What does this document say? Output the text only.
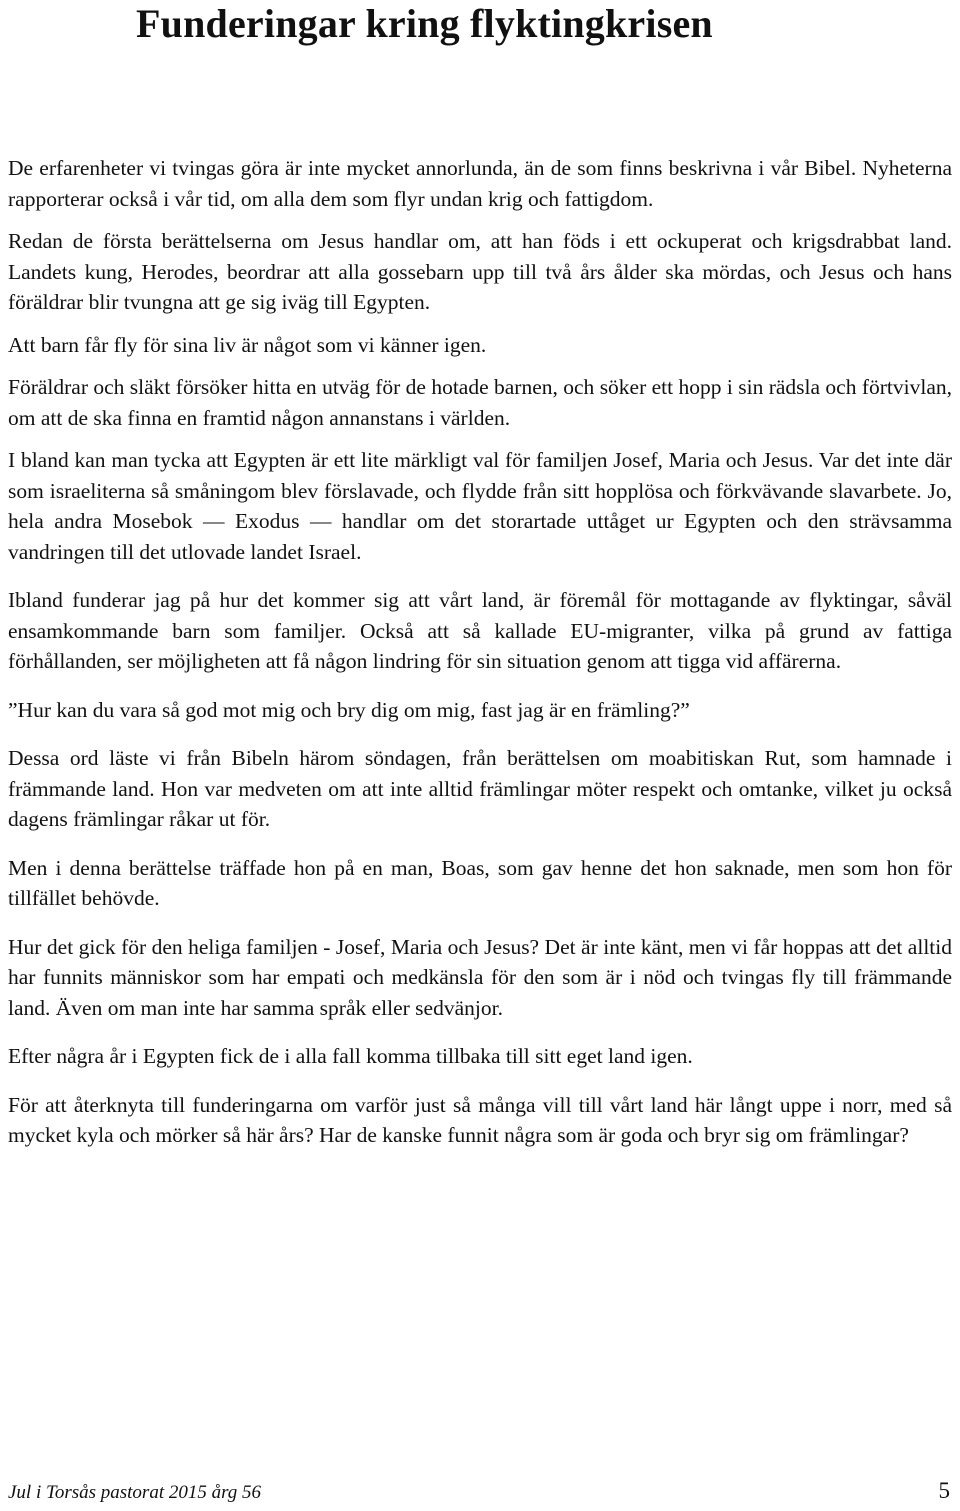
Funderingar kring flyktingkrisen

De erfarenheter vi tvingas göra är inte mycket annorlunda, än de som finns beskrivna i vår Bibel. Nyheterna rapporterar också i vår tid, om alla dem som flyr undan krig och fattigdom.

Redan de första berättelserna om Jesus handlar om, att han föds i ett ockuperat och krigsdrabbat land. Landets kung, Herodes, beordrar att alla gossebarn upp till två års ålder ska mördas, och Jesus och hans föräldrar blir tvungna att ge sig iväg till Egypten.

Att barn får fly för sina liv är något som vi känner igen.

Föräldrar och släkt försöker hitta en utväg för de hotade barnen, och söker ett hopp i sin rädsla och förtvivlan, om att de ska finna en framtid någon annanstans i världen.

I bland kan man tycka att Egypten är ett lite märkligt val för familjen Josef, Maria och Jesus. Var det inte där som israeliterna så småningom blev förslavade, och flydde från sitt hopplösa och förkvävande slavarbete. Jo, hela andra Mosebok — Exodus — handlar om det storartade uttåget ur Egypten och den strävsamma vandringen till det utlovade landet Israel.

Ibland funderar jag på hur det kommer sig att vårt land, är föremål för mottagande av flyktingar, såväl ensamkommande barn som familjer. Också att så kallade EU-migranter, vilka på grund av fattiga förhållanden, ser möjligheten att få någon lindring för sin situation genom att tigga vid affärerna.

”Hur kan du vara så god mot mig och bry dig om mig, fast jag är en främling?”

Dessa ord läste vi från Bibeln härom söndagen, från berättelsen om moabitiskan Rut, som hamnade i främmande land. Hon var medveten om att inte alltid främlingar möter respekt och omtanke, vilket ju också dagens främlingar råkar ut för.

Men i denna berättelse träffade hon på en man, Boas, som gav henne det hon saknade, men som hon för tillfället behövde.

Hur det gick för den heliga familjen - Josef, Maria och Jesus? Det är inte känt, men vi får hoppas att det alltid har funnits människor som har empati och medkänsla för den som är i nöd och tvingas fly till främmande land. Även om man inte har samma språk eller sedvänjor.

Efter några år i Egypten fick de i alla fall komma tillbaka till sitt eget land igen.

För att återknyta till funderingarna om varför just så många vill till vårt land här långt uppe i norr, med så mycket kyla och mörker så här års? Har de kanske funnit några som är goda och bryr sig om främlingar?

Jul i Torsås pastorat 2015 årg 56	5
